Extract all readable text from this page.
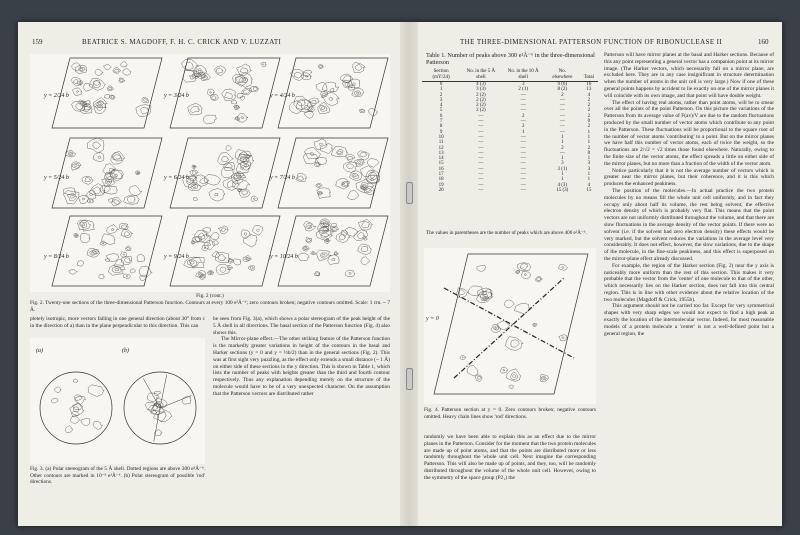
159	BEATRICE S. MAGDOFF, F. H. C. CRICK AND V. LUZZATI
y = 2/24 b	y = 3/24 b	y = 4/24 b
y = 5/24 b	y = 6/24 b	y = 7/24 b
y = 8/24 b	y = 9/24 b	y = 10/24 b
Fig. 2 (cont.)
Fig. 2. Twenty-one sections of the three-dimensional Patterson function. Contours at every 100 e²Å⁻⁶; zero contours broken; negative contours omitted. Scale: 1 cm. ~ 7 Å.
pletely isotropic, more vectors falling in one general direction (about 30° from c in the direction of a) than in the plane perpendicular to this direction. This can
(a)	(b)
Fig. 3. (a) Polar stereogram of the 5 Å shell. Dotted regions are above 300 e²Å⁻⁶. Other contours are marked in 10⁻³ e²Å⁻⁶. (b) Polar stereogram of possible 'rod' directions.

be seen from Fig. 3(a), which shows a polar stereogram of the peak height of the 5 Å shell in all directions. The basal section of the Patterson function (Fig. 4) also shows this.

The Mirror-plane effect.—The other striking feature of the Patterson function is the markedly greater variations in height of the contours in the basal and Harker sections (y = 0 and y = ½b/2) than in the general sections (Fig. 2). This was at first sight very puzzling, as the effect only extends a small distance (~ 1 Å) on either side of these sections in the y direction. This is shown in Table 1, which lists the number of peaks with heights greater than the third and fourth contour respectively. Thus any explanation depending merely on the structure of the molecule would have to be of a very unexpected character. On the assumption that the Patterson vectors are distributed rather

THE THREE-DIMENSIONAL PATTERSON FUNCTION OF RIBONUCLEASE II	160
Table 1. Number of peaks above 300 e²Å⁻⁶ in the three-dimensional Patterson
Section (mY/24)	No. in the 5 Å shell	No. in the 10 Å shell	No. elsewhere	Total
0	4 (3)	3	9 (6)	16
1	3 (3)	2 (1)	8 (2)	13
2	2 (2)	—	2	4
3	2 (2)	—	—	2
4	2 (2)	—	—	2
5	2 (2)	—	—	2
6	—	2	—	2
7	—	—	—	0
8	—	2	—	2
9	—	1	—	1
10	—	—	1	1
11	—	—	1	1
12	—	—	2	2
13	—	—	—	0
14	—	—	1	1
15	—	—	3	3
16	—	—	3 (1)	3
17	—	—	1	1
18	—	—	1	1
19	—	—	4 (3)	4
20	—	—	15 (3)	15
The values in parentheses are the number of peaks which are above 400 e²Å⁻⁶.
y = 0
Fig. 4. Patterson section at y = 0. Zero contours broken; negative contours omitted. Heavy chain lines show 'rod' directions.
randomly we have been able to explain this as an effect due to the mirror planes in the Patterson. Consider for the moment that the two protein molecules are made up of point atoms, and that the points are distributed more or less randomly throughout the whole unit cell. Next imagine the corresponding Patterson. This will also be made up of points, and they, too, will be randomly distributed throughout the volume of the whole unit cell. However, owing to the symmetry of the space group (P2₁) the

Patterson will have mirror planes at the basal and Harker sections. Because of this any point representing a general vector has a companion point at its mirror image. (The Harker vectors, which necessarily fall on a mirror plane, are excluded here. They are in any case insignificant in structure determination when the number of atoms in the unit cell is very large.) Now if one of these general points happens by accident to lie exactly on one of the mirror planes it will coincide with its own image, and that point will have double weight.

The effect of having real atoms, rather than point atoms, will be to smear over all the points of the point Patterson. On this picture the variations of the Patterson from its average value of F(av)/V are due to the random fluctuations produced by the small number of vector atoms which contribute to any point in the Patterson. These fluctuations will be proportional to the square root of the number of vector atoms 'contributing' to a point. But on the mirror planes we have half this number of vector atoms, each of twice the weight, so the fluctuations are 2/√2 = √2 times those found elsewhere. Naturally, owing to the finite size of the vector atoms, the effect spreads a little on either side of the mirror planes, but no more than a fraction of the width of the vector atom.

Notice particularly that it is not the average number of vectors which is greater near the mirror planes, but their coherence, and it is this which produces the enhanced peakiness.

The position of the molecules.—In actual practice the two protein molecules by no means fill the whole unit cell uniformly, and in fact they occupy only about half its volume, the rest being solvent; the effective electron density of which is probably very flat. This means that the point vectors are not uniformly distributed throughout the volume, and that there are slow fluctuations in the average density of the vector points. If there were no solvent (i.e. if the solvent had zero electron density) these effects would be very marked, but the solvent reduces the variations in the average level very considerably. It does not effect, however, the slow variations, due to the shape of the molecule, in the fine-scale peakiness, and this effect is superposed on the mirror-plane effect already discussed.

For example, the region of the Harker section (Fig. 2) near the y axis is noticeably more uniform than the rest of this section. This makes it very probable that the vector from the 'center' of one molecule to that of the other, which necessarily lies on the Harker section, does not fall into this central region. This is in line with other evidence about the relative location of the two molecules (Magdoff & Crick, 1955b).

This argument should not be carried too far. Except for very symmetrical shapes with very sharp edges we would not expect to find a high peak at exactly the location of the intermolecular vector. Indeed, for most reasonable models of a protein molecule a 'center' is not a well-defined point but a general region, the
